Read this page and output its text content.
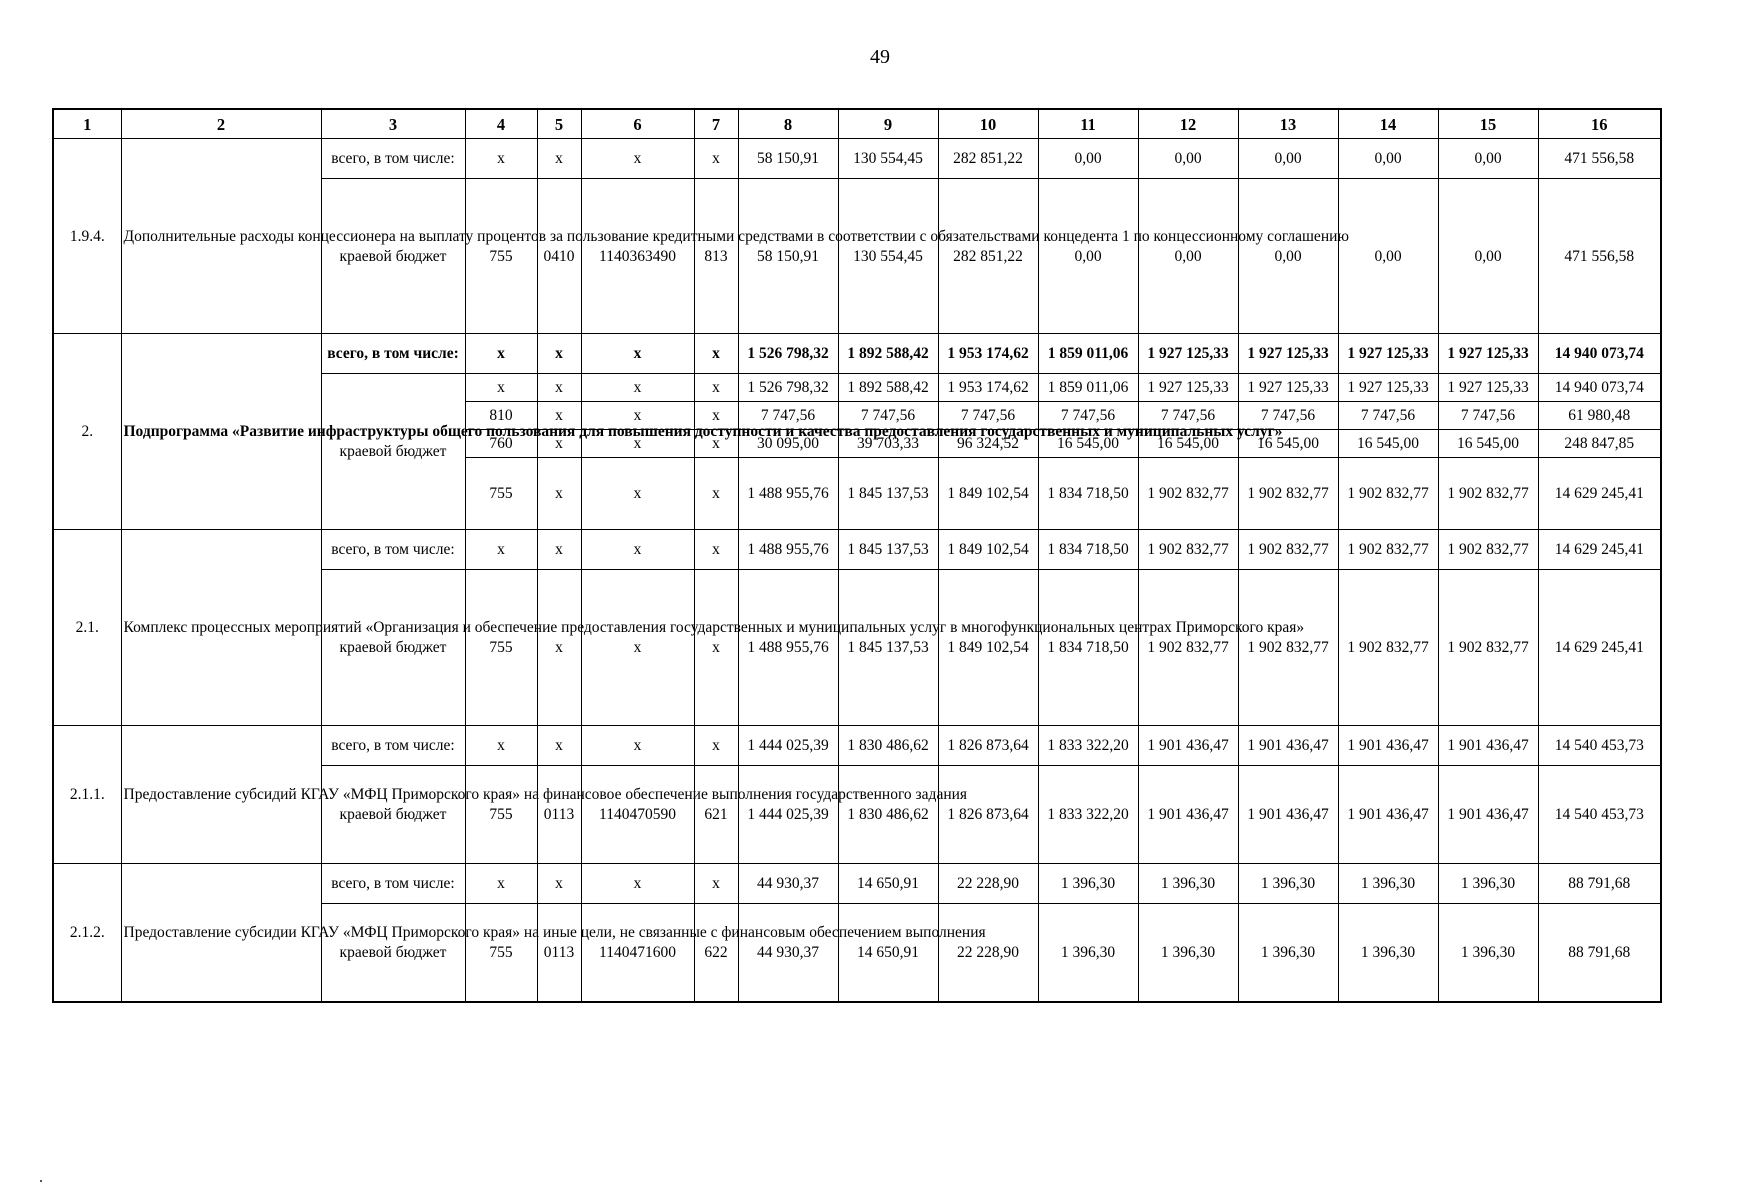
49
1	2	3	4	5	6	7	8	9	10	11	12	13	14	15	16
1.9.4.	Дополнительные расходы концессионера на выплату процентов за пользование кредитными средствами в соответствии с обязательствами концедента 1 по концессионному соглашению	всего, в том числе:	x	x	x	x	58 150,91	130 554,45	282 851,22	0,00	0,00	0,00	0,00	0,00	471 556,58
		краевой бюджет	755	0410	1140363490	813	58 150,91	130 554,45	282 851,22	0,00	0,00	0,00	0,00	0,00	471 556,58
2.	Подпрограмма «Развитие инфраструктуры общего пользования для повышения доступности и качества предоставления государственных и муниципальных услуг»	всего, в том числе:	x	x	x	x	1 526 798,32	1 892 588,42	1 953 174,62	1 859 011,06	1 927 125,33	1 927 125,33	1 927 125,33	1 927 125,33	14 940 073,74
		краевой бюджет	x	x	x	x	1 526 798,32	1 892 588,42	1 953 174,62	1 859 011,06	1 927 125,33	1 927 125,33	1 927 125,33	1 927 125,33	14 940 073,74
			810	x	x	x	7 747,56	7 747,56	7 747,56	7 747,56	7 747,56	7 747,56	7 747,56	7 747,56	61 980,48
			760	x	x	x	30 095,00	39 703,33	96 324,52	16 545,00	16 545,00	16 545,00	16 545,00	16 545,00	248 847,85
			755	x	x	x	1 488 955,76	1 845 137,53	1 849 102,54	1 834 718,50	1 902 832,77	1 902 832,77	1 902 832,77	1 902 832,77	14 629 245,41
2.1.	Комплекс процессных мероприятий «Организация и обеспечение предоставления государственных и муниципальных услуг в многофункциональных центрах Приморского края»	всего, в том числе:	x	x	x	x	1 488 955,76	1 845 137,53	1 849 102,54	1 834 718,50	1 902 832,77	1 902 832,77	1 902 832,77	1 902 832,77	14 629 245,41
		краевой бюджет	755	x	x	x	1 488 955,76	1 845 137,53	1 849 102,54	1 834 718,50	1 902 832,77	1 902 832,77	1 902 832,77	1 902 832,77	14 629 245,41
2.1.1.	Предоставление субсидий КГАУ «МФЦ Приморского края» на финансовое обеспечение выполнения государственного задания	всего, в том числе:	x	x	x	x	1 444 025,39	1 830 486,62	1 826 873,64	1 833 322,20	1 901 436,47	1 901 436,47	1 901 436,47	1 901 436,47	14 540 453,73
		краевой бюджет	755	0113	1140470590	621	1 444 025,39	1 830 486,62	1 826 873,64	1 833 322,20	1 901 436,47	1 901 436,47	1 901 436,47	1 901 436,47	14 540 453,73
2.1.2.	Предоставление субсидии КГАУ «МФЦ Приморского края» на иные цели, не связанные с финансовым обеспечением выполнения	всего, в том числе:	x	x	x	x	44 930,37	14 650,91	22 228,90	1 396,30	1 396,30	1 396,30	1 396,30	1 396,30	88 791,68
		краевой бюджет	755	0113	1140471600	622	44 930,37	14 650,91	22 228,90	1 396,30	1 396,30	1 396,30	1 396,30	1 396,30	88 791,68
